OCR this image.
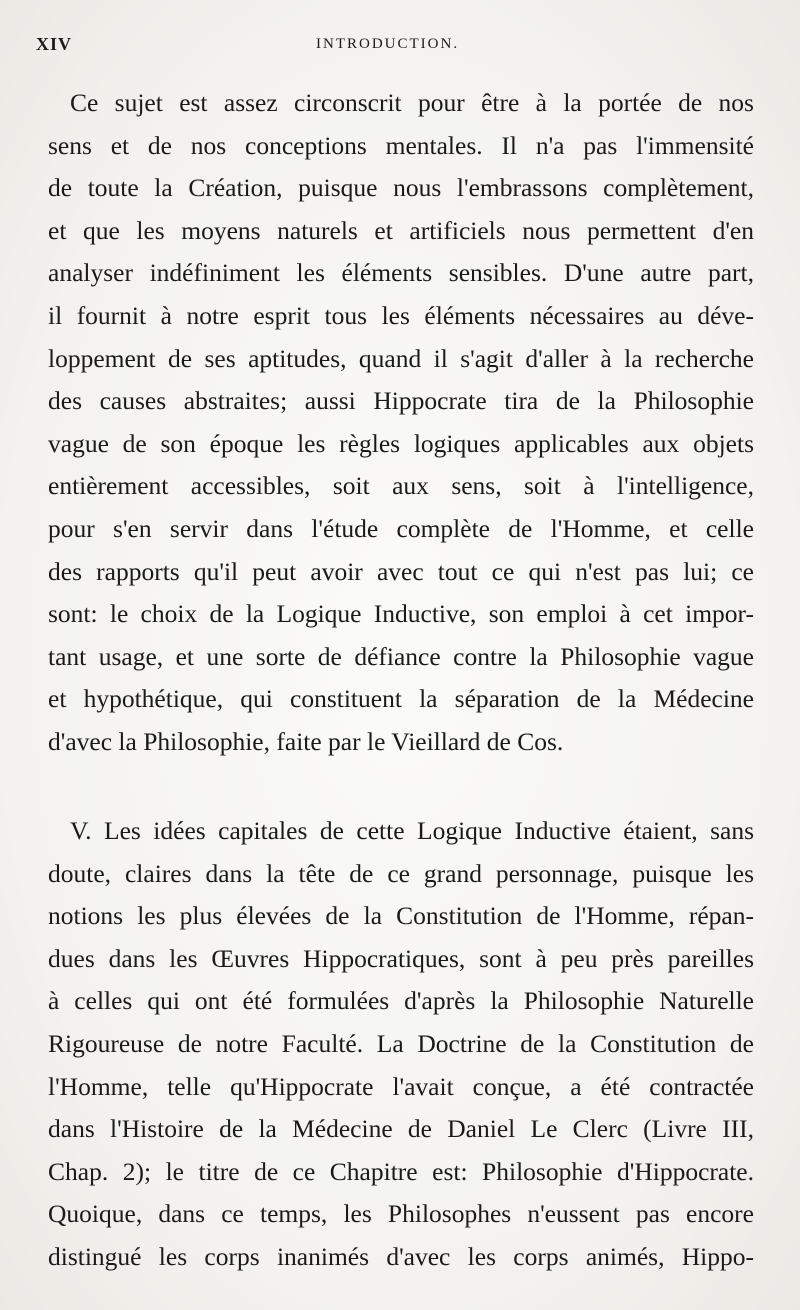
XIV	INTRODUCTION.
Ce sujet est assez circonscrit pour être à la portée de nos
sens et de nos conceptions mentales. Il n'a pas l'immensité
de toute la Création, puisque nous l'embrassons complètement,
et que les moyens naturels et artificiels nous permettent d'en
analyser indéfiniment les éléments sensibles. D'une autre part,
il fournit à notre esprit tous les éléments nécessaires au déve-
loppement de ses aptitudes, quand il s'agit d'aller à la recherche
des causes abstraites; aussi Hippocrate tira de la Philosophie
vague de son époque les règles logiques applicables aux objets
entièrement accessibles, soit aux sens, soit à l'intelligence,
pour s'en servir dans l'étude complète de l'Homme, et celle
des rapports qu'il peut avoir avec tout ce qui n'est pas lui; ce
sont: le choix de la Logique Inductive, son emploi à cet impor-
tant usage, et une sorte de défiance contre la Philosophie vague
et hypothétique, qui constituent la séparation de la Médecine
d'avec la Philosophie, faite par le Vieillard de Cos.
V. Les idées capitales de cette Logique Inductive étaient, sans
doute, claires dans la tête de ce grand personnage, puisque les
notions les plus élevées de la Constitution de l'Homme, répan-
dues dans les Œuvres Hippocratiques, sont à peu près pareilles
à celles qui ont été formulées d'après la Philosophie Naturelle
Rigoureuse de notre Faculté. La Doctrine de la Constitution de
l'Homme, telle qu'Hippocrate l'avait conçue, a été contractée
dans l'Histoire de la Médecine de Daniel Le Clerc (Livre III,
Chap. 2); le titre de ce Chapitre est: Philosophie d'Hippocrate.
Quoique, dans ce temps, les Philosophes n'eussent pas encore
distingué les corps inanimés d'avec les corps animés, Hippo-
